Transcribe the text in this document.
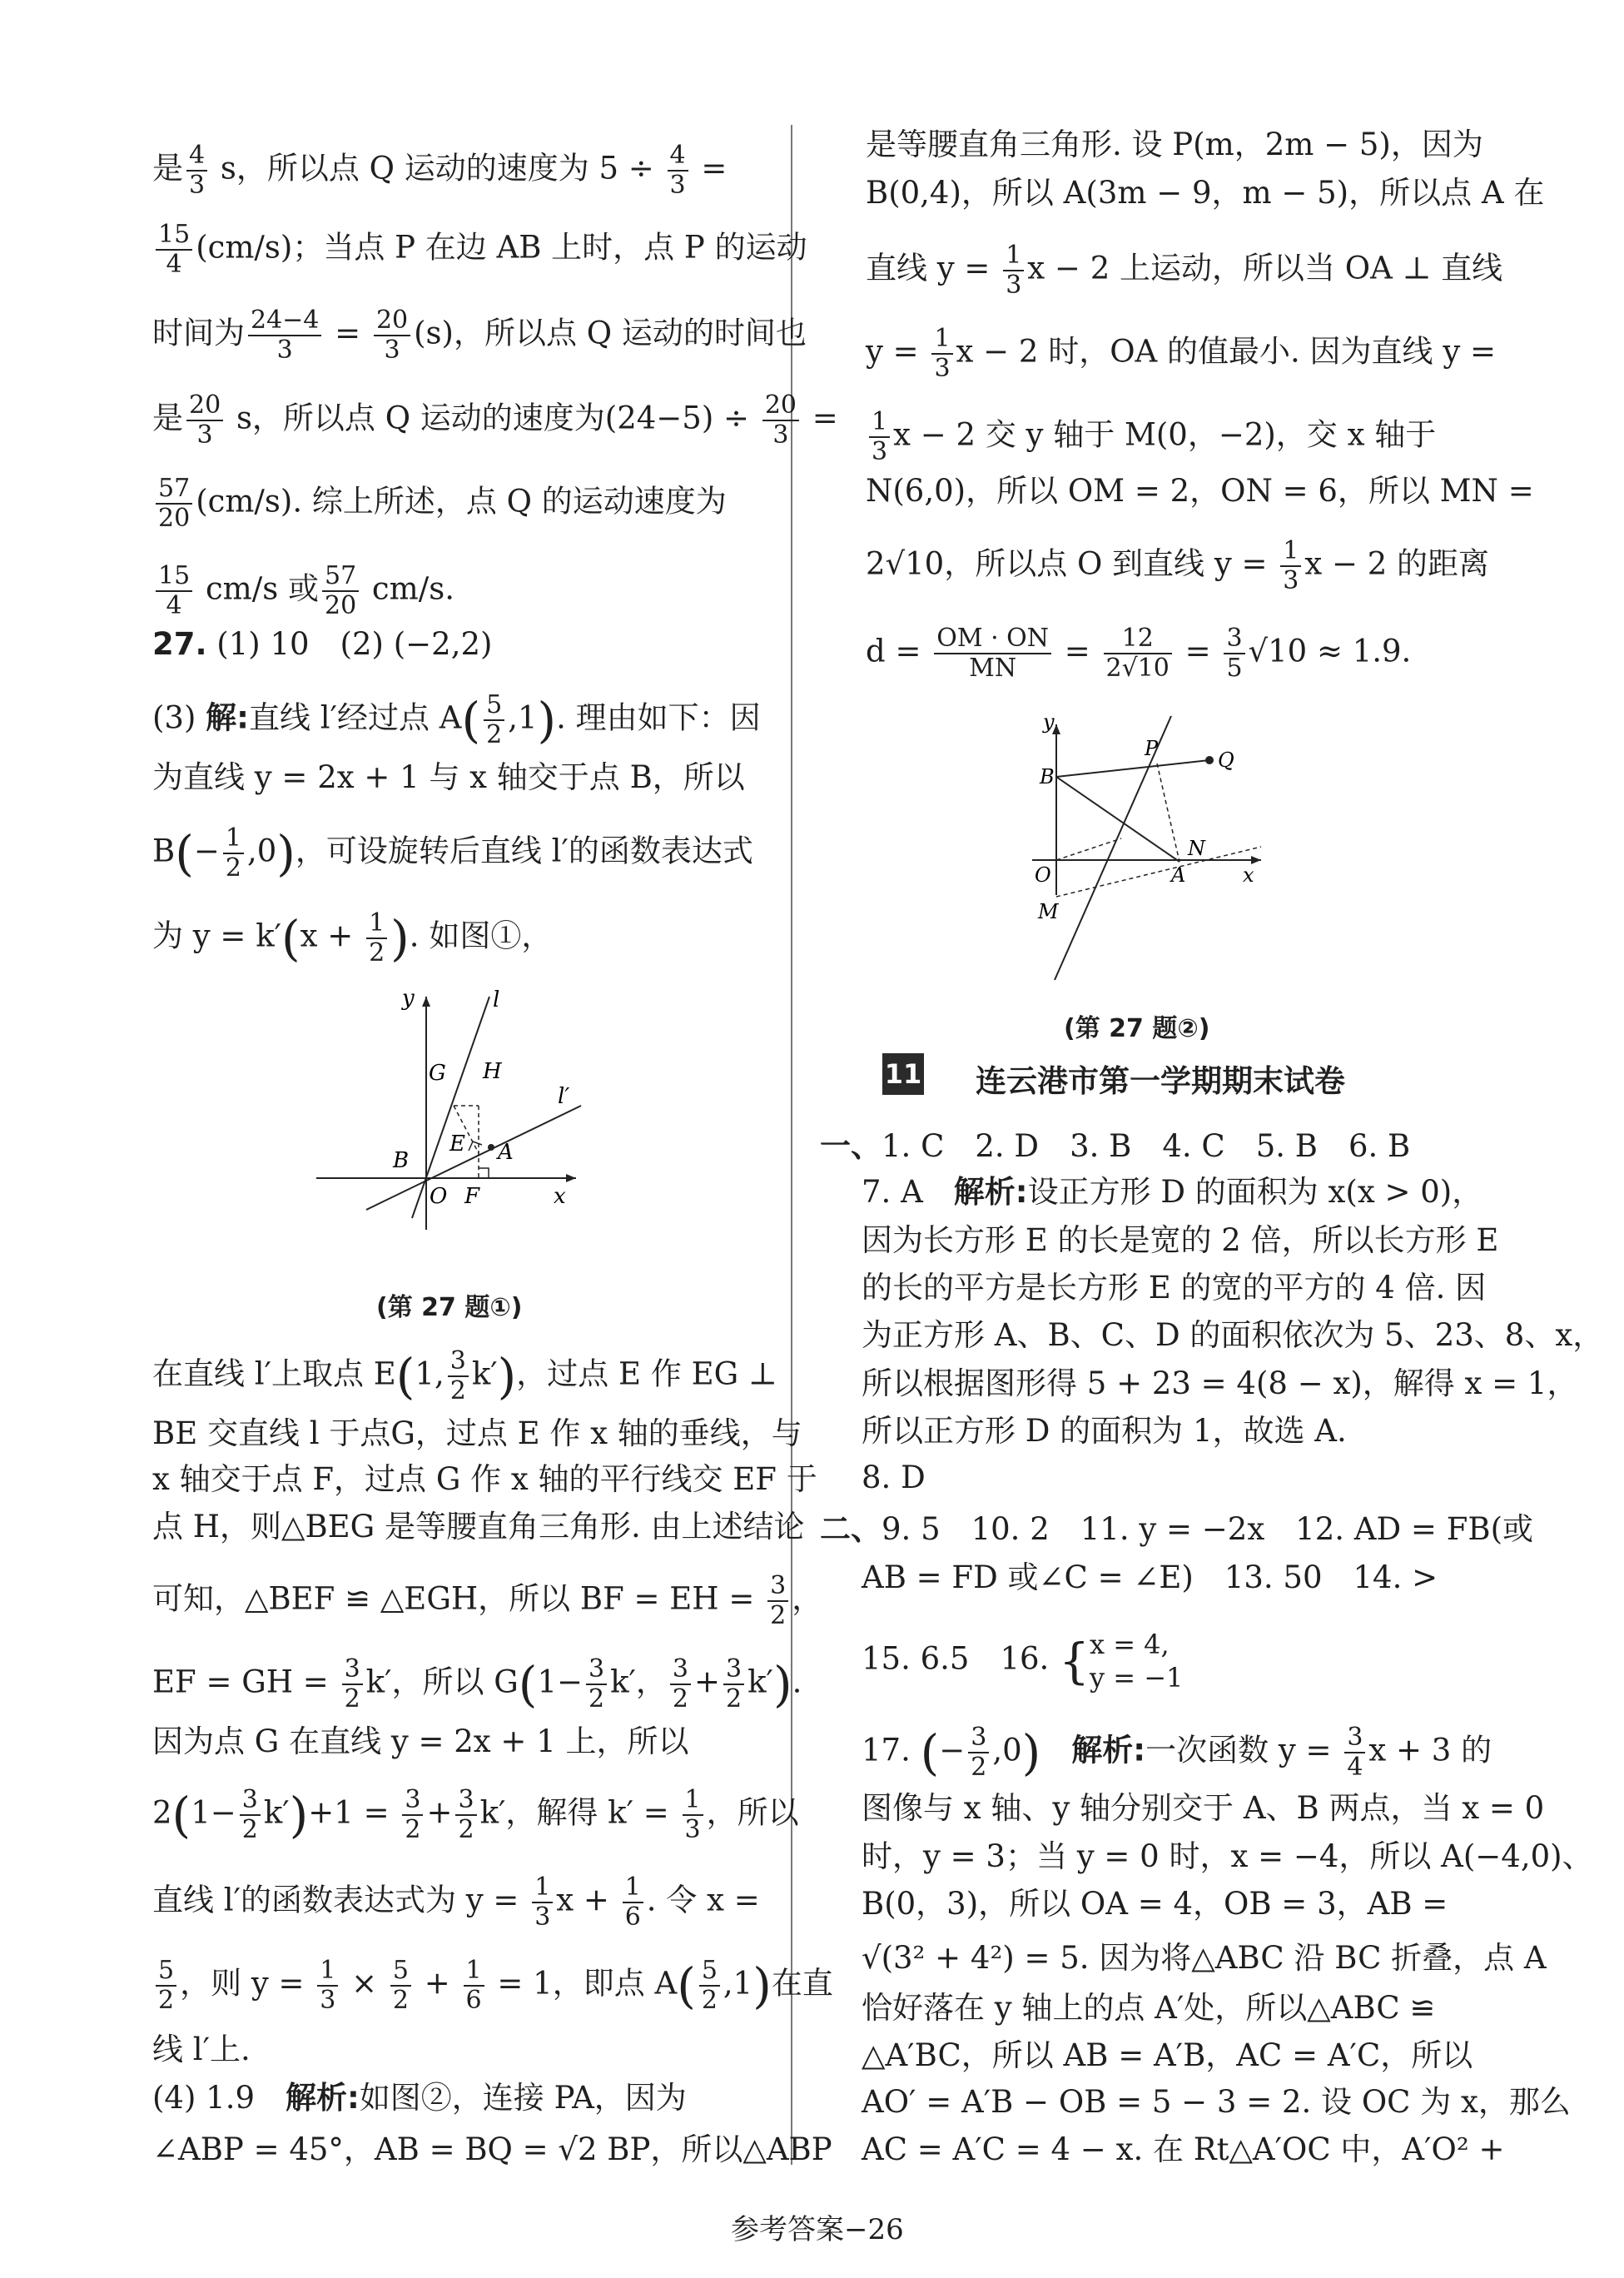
是 $\frac{4}{3}$ s，所以点 Q 运动的速度为 $5 \div \frac{4}{3}$ =
$\frac{15}{4} (cm/s)$；当点 P 在边 AB 上时，点 P 的运动
时间为 $\frac{24-4}{3} = \frac{20}{3} (s)$，所以点 Q 运动的时间也
是 $\frac{20}{3}$ s，所以点 Q 运动的速度为$(24-5) \div \frac{20}{3}$ =
$\frac{57}{20} (cm/s)$. 综上所述，点 Q 的运动速度为
$\frac{15}{4} cm/s$ 或 $\frac{57}{20} cm/s$.
27. (1) 10　(2) (−2,2)
(3) 解:直线 l′经过点 $A( \frac{5}{2} ,1)$. 理由如下：因
为直线 y = 2x + 1 与 x 轴交于点 B，所以
$B(- \frac{1}{2} ,0)$，可设旋转后直线 l′的函数表达式
为 $y = k'(x + \frac{1}{2}$ ). 如图①，
y	l
G H
l′
E A
B
O F	x
(第 27 题①)
在直线 l′上取点 E(1, $\frac{3}{2} k'$)，过点 E 作 EG ⊥
BE 交直线 l 于点G，过点 E 作 x 轴的垂线，与
x 轴交于点 F，过点 G 作 x 轴的平行线交 EF 于
点 H，则△BEG 是等腰直角三角形. 由上述结论
可知，△BEF ≌ △EGH，所以 BF = EH = $\frac{3}{2}$ ，
EF = GH = $\frac{3}{2} k'$，所以 $G(1- \frac{3}{2} k'$， $\frac{3}{2} + \frac{3}{2} k'$).
因为点 G 在直线 y = 2x + 1 上，所以
$2(1- \frac{3}{2} k')+1 = \frac{3}{2} + \frac{3}{2} k'$，解得 $k' = \frac{1}{3}$ ，所以
直线 l′的函数表达式为 $y = \frac{1}{3}$ $x + \frac{1}{6}$ . 令 x =
$\frac{5}{2}$ ，则 $y = \frac{1}{3} \times \frac{5}{2} + \frac{1}{6} = 1$，即点 $A( \frac{5}{2} ,1)$在直
线 l′上.
(4) 1.9　解析:如图②，连接 PA，因为
∠ABP = 45°，AB = BQ = √2 BP，所以△ABP
是等腰直角三角形. 设 P(m，2m − 5)，因为
B(0,4)，所以 A(3m − 9，m − 5)，所以点 A 在
直线 $y = \frac{1}{3}$ x − 2 上运动，所以当 OA ⊥ 直线
$y = \frac{1}{3}$ x − 2 时，OA 的值最小. 因为直线 y =
$\frac{1}{3}$ x − 2 交 y 轴于 M(0，−2)，交 x 轴于
N(6,0)，所以 OM = 2，ON = 6，所以 MN =
2√10，所以点 O 到直线 $y = \frac{1}{3}$ x − 2 的距离
$d = \frac{OM \cdot ON}{MN} = \frac{12}{2√10} = \frac{3}{5} √10 \approx 1.9$.
y
P	Q
B
N
O	A	x
M
(第 27 题②)
11 连云港市第一学期期末试卷
一、1. C　2. D　3. B　4. C　5. B　6. B
7. A　解析:设正方形 D 的面积为 x(x > 0)，
因为长方形 E 的长是宽的 2 倍，所以长方形 E
的长的平方是长方形 E 的宽的平方的 4 倍. 因
为正方形 A、B、C、D 的面积依次为 5、23、8、x，
所以根据图形得 5 + 23 = 4(8 − x)，解得 x = 1，
所以正方形 D 的面积为 1，故选 A.
8. D
二、9. 5　10. 2　11. y = −2x　12. AD = FB(或
AB = FD 或∠C = ∠E)　13. 50　14. >
15. 6.5　16. { x = 4,
y = −1
17. (− $\frac{3}{2} ,0$)　解析:一次函数 $y = \frac{3}{4}$ x + 3 的
图像与 x 轴、y 轴分别交于 A、B 两点，当 x = 0
时，y = 3；当 y = 0 时，x = −4，所以 A(−4,0)、
B(0，3)，所以 OA = 4，OB = 3，AB =
√(3² + 4²) = 5. 因为将△ABC 沿 BC 折叠，点 A
恰好落在 y 轴上的点 A′处，所以△ABC ≌
△A′BC，所以 AB = A′B，AC = A′C，所以
AO′ = A′B − OB = 5 − 3 = 2. 设 OC 为 x，那么
AC = A′C = 4 − x. 在 Rt△A′OC 中，A′O² +
参考答案−26
